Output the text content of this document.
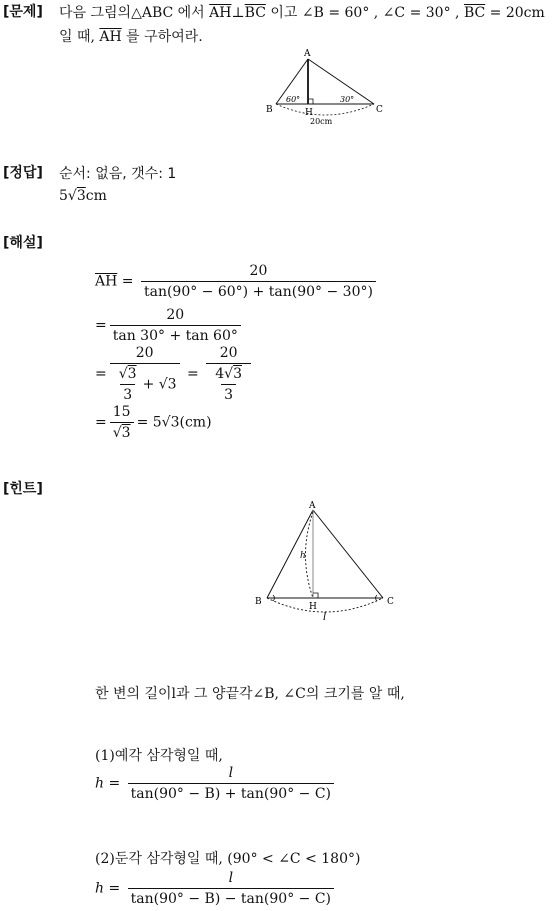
[문제] 다음 그림의△ABC 에서 $\overline{AH}\perp\overline{BC}$ 이고 ∠B = 60° , ∠C = 30° , $\overline{BC} = 20cm$
일 때, $\overline{AH}$ 를 구하여라.
A
B	C
H
60°	30°
20cm
[정답] 순서: 없음, 갯수: 1
5√3cm
[해설]
$\overline{AH} = \frac{20}{\tan(90^\circ - 60^\circ) + \tan(90^\circ - 30^\circ)}$
= $\frac{20}{\tan 30^\circ + \tan 60^\circ}$
= $\frac{20}{\frac{√3}{3} + √3} = \frac{20}{\frac{4√3}{3}}$
= $\frac{15}{√3} = 5√3(cm)$
[힌트]
A
B	C
H
h
l
한 변의 길이l과 그 양끝각∠B, ∠C의 크기를 알 때,
(1)예각 삼각형일 때,
$h = \frac{l}{\tan(90^\circ - B) + \tan(90^\circ - C)}$
(2)둔각 삼각형일 때, (90° < ∠C < 180°)
$h = \frac{l}{\tan(90^\circ - B) - \tan(90^\circ - C)}$
